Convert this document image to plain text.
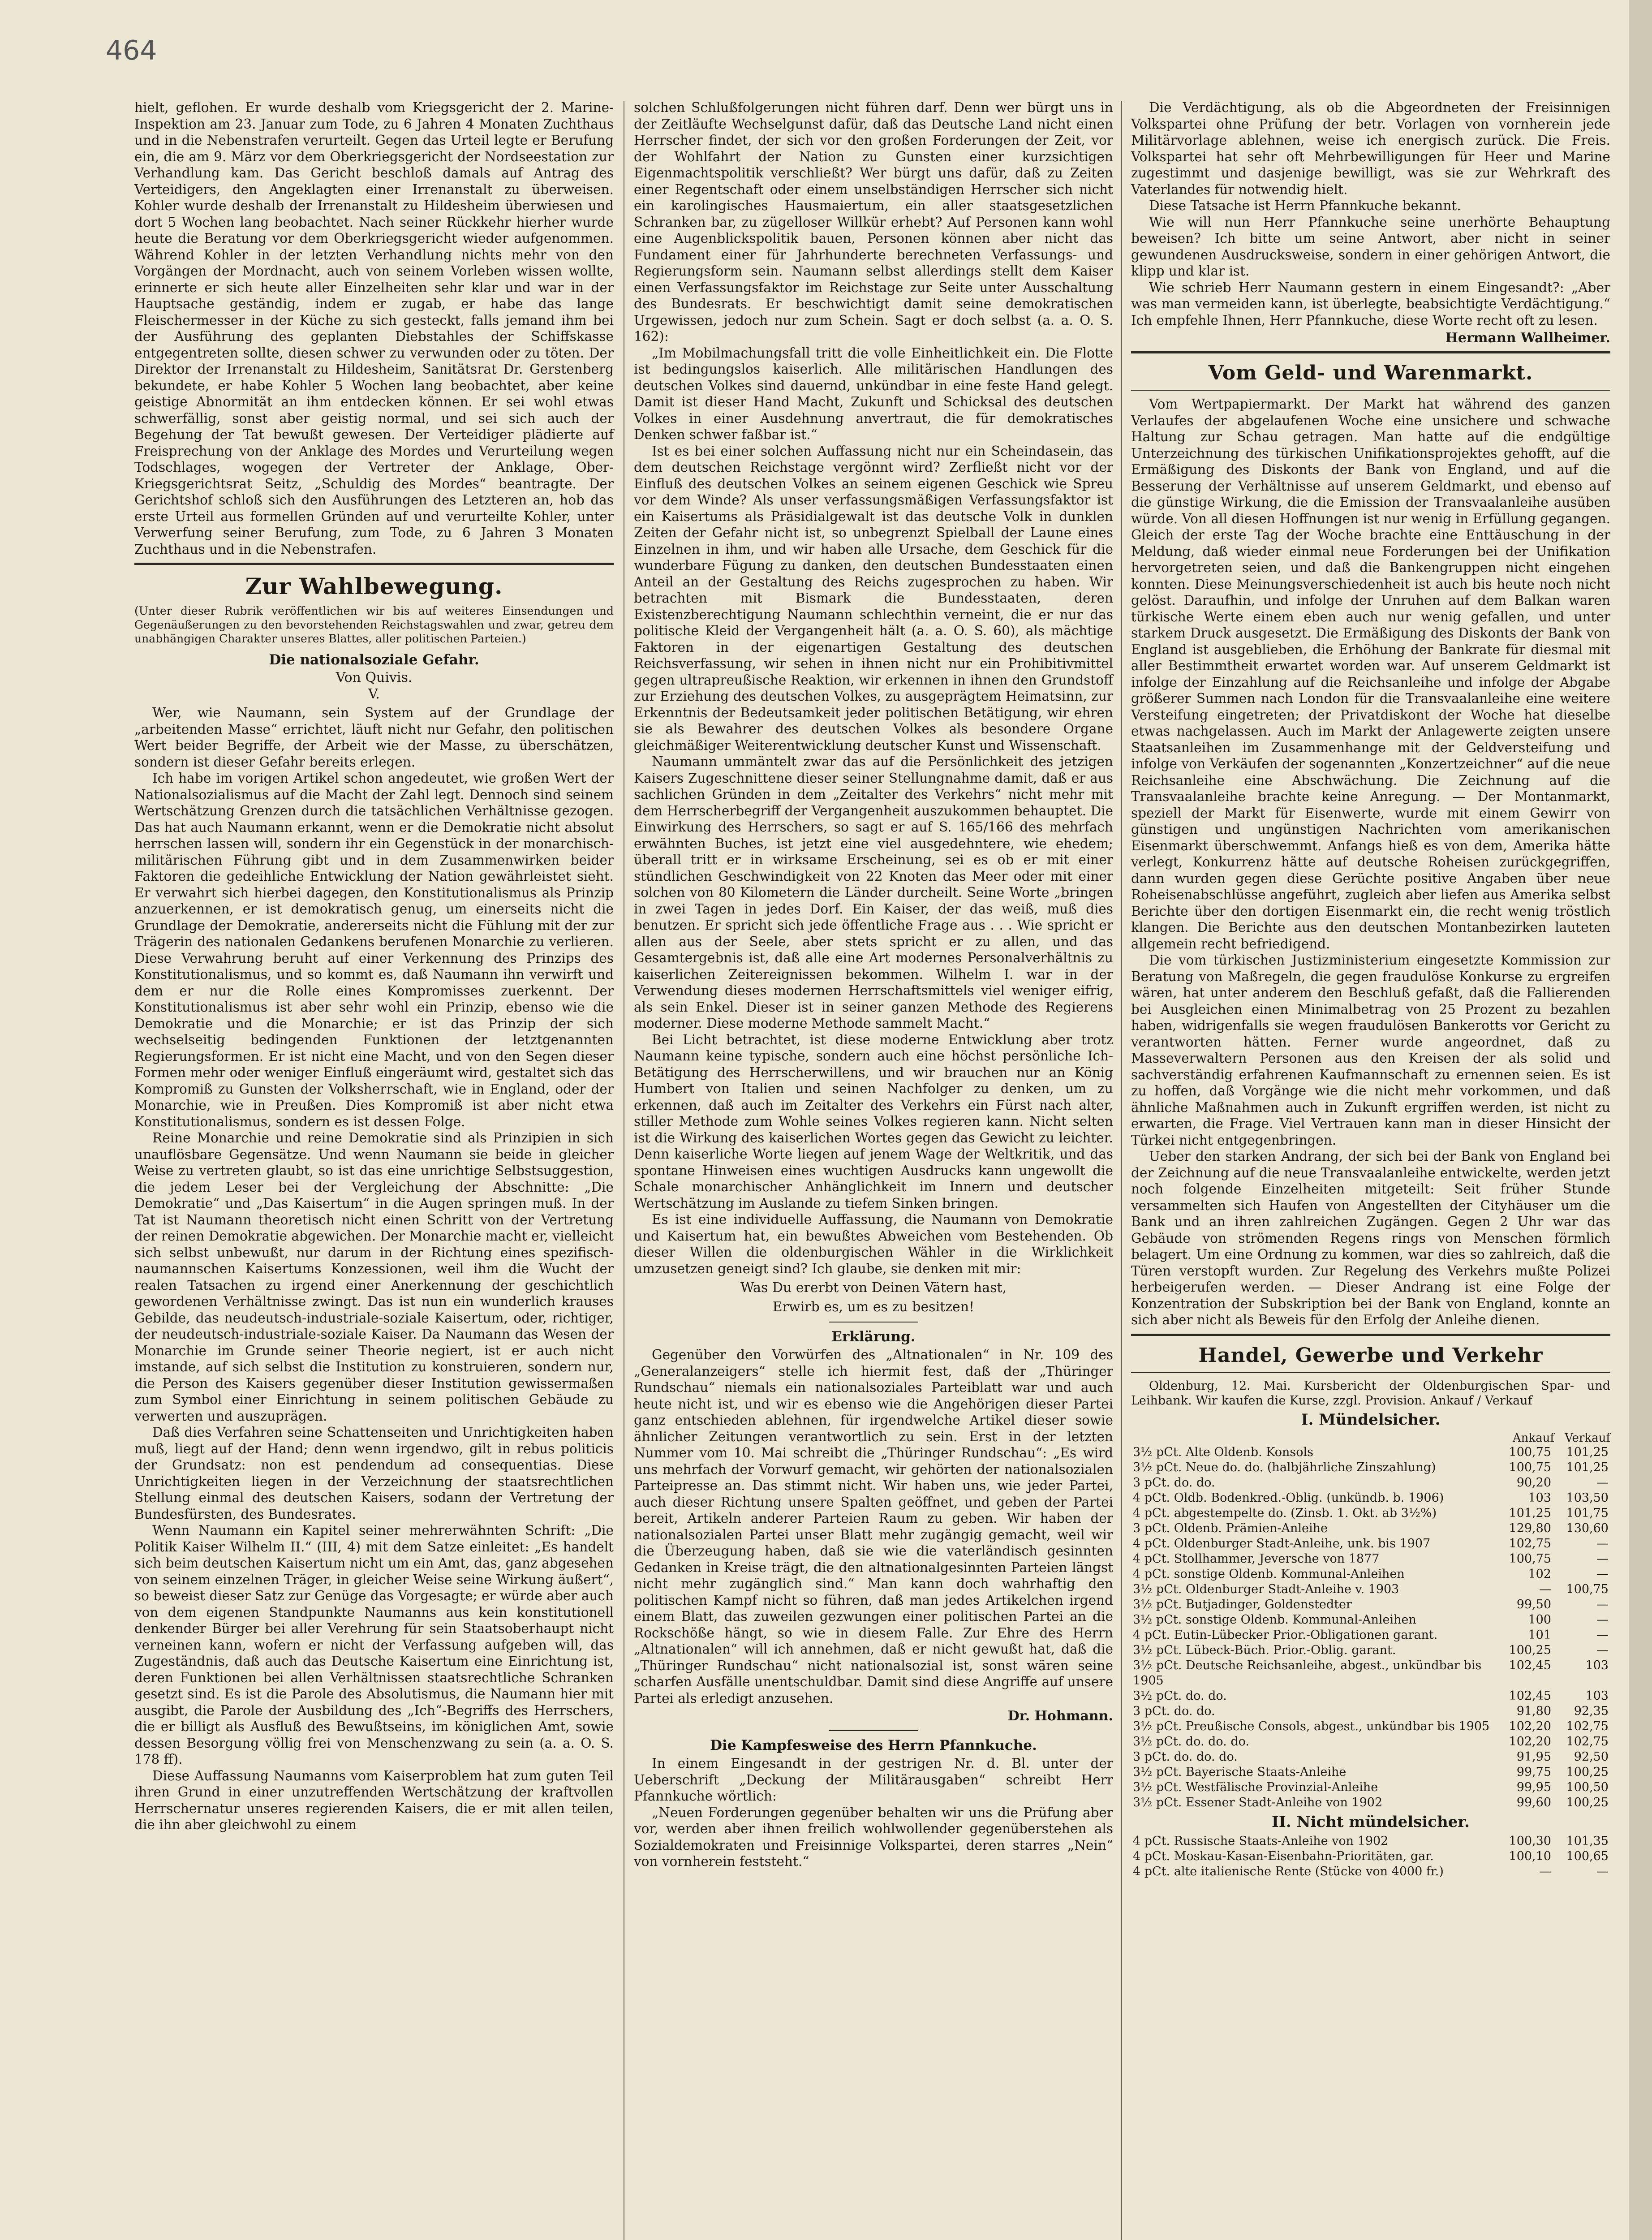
464

hielt, geflohen. Er wurde deshalb vom Kriegsgericht der 2. Marine-Inspektion am 23. Januar zum Tode, zu 6 Jahren 4 Monaten Zuchthaus und in die Nebenstrafen verurteilt. Gegen das Urteil legte er Berufung ein, die am 9. März vor dem Oberkriegsgericht der Nordseestation zur Verhandlung kam. Das Gericht beschloß damals auf Antrag des Verteidigers, den Angeklagten einer Irrenanstalt zu überweisen. Kohler wurde deshalb der Irrenanstalt zu Hildesheim überwiesen und dort 5 Wochen lang beobachtet. Nach seiner Rückkehr hierher wurde heute die Beratung vor dem Oberkriegsgericht wieder aufgenommen. Während Kohler in der letzten Verhandlung nichts mehr von den Vorgängen der Mordnacht, auch von seinem Vorleben wissen wollte, erinnerte er sich heute aller Einzelheiten sehr klar und war in der Hauptsache geständig, indem er zugab, er habe das lange Fleischermesser in der Küche zu sich gesteckt, falls jemand ihm bei der Ausführung des geplanten Diebstahles der Schiffskasse entgegentreten sollte, diesen schwer zu verwunden oder zu töten. Der Direktor der Irrenanstalt zu Hildesheim, Sanitätsrat Dr. Gerstenberg bekundete, er habe Kohler 5 Wochen lang beobachtet, aber keine geistige Abnormität an ihm entdecken können. Er sei wohl etwas schwerfällig, sonst aber geistig normal, und sei sich auch der Begehung der Tat bewußt gewesen. Der Verteidiger plädierte auf Freisprechung von der Anklage des Mordes und Verurteilung wegen Todschlages, wogegen der Vertreter der Anklage, Ober-Kriegsgerichtsrat Seitz, „Schuldig des Mordes“ beantragte. Der Gerichtshof schloß sich den Ausführungen des Letzteren an, hob das erste Urteil aus formellen Gründen auf und verurteilte Kohler, unter Verwerfung seiner Berufung, zum Tode, zu 6 Jahren 3 Monaten Zuchthaus und in die Nebenstrafen.

Zur Wahlbewegung.

(Unter dieser Rubrik veröffentlichen wir bis auf weiteres Einsendungen und Gegenäußerungen zu den bevorstehenden Reichstagswahlen und zwar, getreu dem unabhängigen Charakter unseres Blattes, aller politischen Parteien.)

Die nationalsoziale Gefahr.
Von Quivis.
V.

Wer, wie Naumann, sein System auf der Grundlage der „arbeitenden Masse“ errichtet, läuft nicht nur Gefahr, den politischen Wert beider Begriffe, der Arbeit wie der Masse, zu überschätzen, sondern ist dieser Gefahr bereits erlegen.

Ich habe im vorigen Artikel schon angedeutet, wie großen Wert der Nationalsozialismus auf die Macht der Zahl legt. Dennoch sind seinem Wertschätzung Grenzen durch die tatsächlichen Verhältnisse gezogen. Das hat auch Naumann erkannt, wenn er die Demokratie nicht absolut herrschen lassen will, sondern ihr ein Gegenstück in der monarchisch-militärischen Führung gibt und in dem Zusammenwirken beider Faktoren die gedeihliche Entwicklung der Nation gewährleistet sieht. Er verwahrt sich hierbei dagegen, den Konstitutionalismus als Prinzip anzuerkennen, er ist demokratisch genug, um einerseits nicht die Grundlage der Demokratie, andererseits nicht die Fühlung mit der zur Trägerin des nationalen Gedankens berufenen Monarchie zu verlieren. Diese Verwahrung beruht auf einer Verkennung des Prinzips des Konstitutionalismus, und so kommt es, daß Naumann ihn verwirft und dem er nur die Rolle eines Kompromisses zuerkennt. Der Konstitutionalismus ist aber sehr wohl ein Prinzip, ebenso wie die Demokratie und die Monarchie; er ist das Prinzip der sich wechselseitig bedingenden Funktionen der letztgenannten Regierungsformen. Er ist nicht eine Macht, und von den Segen dieser Formen mehr oder weniger Einfluß eingeräumt wird, gestaltet sich das Kompromiß zu Gunsten der Volksherrschaft, wie in England, oder der Monarchie, wie in Preußen. Dies Kompromiß ist aber nicht etwa Konstitutionalismus, sondern es ist dessen Folge.

Reine Monarchie und reine Demokratie sind als Prinzipien in sich unauflösbare Gegensätze. Und wenn Naumann sie beide in gleicher Weise zu vertreten glaubt, so ist das eine unrichtige Selbstsuggestion, die jedem Leser bei der Vergleichung der Abschnitte: „Die Demokratie“ und „Das Kaisertum“ in die Augen springen muß. In der Tat ist Naumann theoretisch nicht einen Schritt von der Vertretung der reinen Demokratie abgewichen. Der Monarchie macht er, vielleicht sich selbst unbewußt, nur darum in der Richtung eines spezifisch-naumannschen Kaisertums Konzessionen, weil ihm die Wucht der realen Tatsachen zu irgend einer Anerkennung der geschichtlich gewordenen Verhältnisse zwingt. Das ist nun ein wunderlich krauses Gebilde, das neudeutsch-industriale-soziale Kaisertum, oder, richtiger, der neudeutsch-industriale-soziale Kaiser. Da Naumann das Wesen der Monarchie im Grunde seiner Theorie negiert, ist er auch nicht imstande, auf sich selbst die Institution zu konstruieren, sondern nur, die Person des Kaisers gegenüber dieser Institution gewissermaßen zum Symbol einer Einrichtung in seinem politischen Gebäude zu verwerten und auszuprägen.

Daß dies Verfahren seine Schattenseiten und Unrichtigkeiten haben muß, liegt auf der Hand; denn wenn irgendwo, gilt in rebus politicis der Grundsatz: non est pendendum ad consequentias. Diese Unrichtigkeiten liegen in der Verzeichnung der staatsrechtlichen Stellung einmal des deutschen Kaisers, sodann der Vertretung der Bundesfürsten, des Bundesrates.

Wenn Naumann ein Kapitel seiner mehrerwähnten Schrift: „Die Politik Kaiser Wilhelm II.“ (III, 4) mit dem Satze einleitet: „Es handelt sich beim deutschen Kaisertum nicht um ein Amt, das, ganz abgesehen von seinem einzelnen Träger, in gleicher Weise seine Wirkung äußert“, so beweist dieser Satz zur Genüge das Vorgesagte; er würde aber auch von dem eigenen Standpunkte Naumanns aus kein konstitutionell denkender Bürger bei aller Verehrung für sein Staatsoberhaupt nicht verneinen kann, wofern er nicht der Verfassung aufgeben will, das Zugeständnis, daß auch das Deutsche Kaisertum eine Einrichtung ist, deren Funktionen bei allen Verhältnissen staatsrechtliche Schranken gesetzt sind. Es ist die Parole des Absolutismus, die Naumann hier mit ausgibt, die Parole der Ausbildung des „Ich“-Begriffs des Herrschers, die er billigt als Ausfluß des Bewußtseins, im königlichen Amt, sowie dessen Besorgung völlig frei von Menschenzwang zu sein (a. a. O. S. 178 ff).

Diese Auffassung Naumanns vom Kaiserproblem hat zum guten Teil ihren Grund in einer unzutreffenden Wertschätzung der kraftvollen Herrschernatur unseres regierenden Kaisers, die er mit allen teilen, die ihn aber gleichwohl zu einem

solchen Schlußfolgerungen nicht führen darf. Denn wer bürgt uns in der Zeitläufte Wechselgunst dafür, daß das Deutsche Land nicht einen Herrscher findet, der sich vor den großen Forderungen der Zeit, vor der Wohlfahrt der Nation zu Gunsten einer kurzsichtigen Eigenmachtspolitik verschließt? Wer bürgt uns dafür, daß zu Zeiten einer Regentschaft oder einem unselbständigen Herrscher sich nicht ein karolingisches Hausmaiertum, ein aller staatsgesetzlichen Schranken bar, zu zügelloser Willkür erhebt? Auf Personen kann wohl eine Augenblickspolitik bauen, Personen können aber nicht das Fundament einer für Jahrhunderte berechneten Verfassungs- und Regierungsform sein. Naumann selbst allerdings stellt dem Kaiser einen Verfassungsfaktor im Reichstage zur Seite unter Ausschaltung des Bundesrats. Er beschwichtigt damit seine demokratischen Urgewissen, jedoch nur zum Schein. Sagt er doch selbst (a. a. O. S. 162):

„Im Mobilmachungsfall tritt die volle Einheitlichkeit ein. Die Flotte ist bedingungslos kaiserlich. Alle militärischen Handlungen des deutschen Volkes sind dauernd, unkündbar in eine feste Hand gelegt. Damit ist dieser Hand Macht, Zukunft und Schicksal des deutschen Volkes in einer Ausdehnung anvertraut, die für demokratisches Denken schwer faßbar ist.“

Ist es bei einer solchen Auffassung nicht nur ein Scheindasein, das dem deutschen Reichstage vergönnt wird? Zerfließt nicht vor der Einfluß des deutschen Volkes an seinem eigenen Geschick wie Spreu vor dem Winde? Als unser verfassungsmäßigen Verfassungsfaktor ist ein Kaisertums als Präsidialgewalt ist das deutsche Volk in dunklen Zeiten der Gefahr nicht ist, so unbegrenzt Spielball der Laune eines Einzelnen in ihm, und wir haben alle Ursache, dem Geschick für die wunderbare Fügung zu danken, den deutschen Bundesstaaten einen Anteil an der Gestaltung des Reichs zugesprochen zu haben. Wir betrachten mit Bismark die Bundesstaaten, deren Existenzberechtigung Naumann schlechthin verneint, die er nur das politische Kleid der Vergangenheit hält (a. a. O. S. 60), als mächtige Faktoren in der eigenartigen Gestaltung des deutschen Reichsverfassung, wir sehen in ihnen nicht nur ein Prohibitivmittel gegen ultrapreußische Reaktion, wir erkennen in ihnen den Grundstoff zur Erziehung des deutschen Volkes, zu ausgeprägtem Heimatsinn, zur Erkenntnis der Bedeutsamkeit jeder politischen Betätigung, wir ehren sie als Bewahrer des deutschen Volkes als besondere Organe gleichmäßiger Weiterentwicklung deutscher Kunst und Wissenschaft.

Naumann ummäntelt zwar das auf die Persönlichkeit des jetzigen Kaisers Zugeschnittene dieser seiner Stellungnahme damit, daß er aus sachlichen Gründen in dem „Zeitalter des Verkehrs“ nicht mehr mit dem Herrscherbegriff der Vergangenheit auszukommen behauptet. Die Einwirkung des Herrschers, so sagt er auf S. 165/166 des mehrfach erwähnten Buches, ist jetzt eine viel ausgedehntere, wie ehedem; überall tritt er in wirksame Erscheinung, sei es ob er mit einer stündlichen Geschwindigkeit von 22 Knoten das Meer oder mit einer solchen von 80 Kilometern die Länder durcheilt. Seine Worte „bringen in zwei Tagen in jedes Dorf. Ein Kaiser, der das weiß, muß dies benutzen. Er spricht sich jede öffentliche Frage aus . . . Wie spricht er allen aus der Seele, aber stets spricht er zu allen, und das Gesamtergebnis ist, daß alle eine Art modernes Personalverhältnis zu kaiserlichen Zeitereignissen bekommen. Wilhelm I. war in der Verwendung dieses modernen Herrschaftsmittels viel weniger eifrig, als sein Enkel. Dieser ist in seiner ganzen Methode des Regierens moderner. Diese moderne Methode sammelt Macht.“

Bei Licht betrachtet, ist diese moderne Entwicklung aber trotz Naumann keine typische, sondern auch eine höchst persönliche Ich-Betätigung des Herrscherwillens, und wir brauchen nur an König Humbert von Italien und seinen Nachfolger zu denken, um zu erkennen, daß auch im Zeitalter des Verkehrs ein Fürst nach alter, stiller Methode zum Wohle seines Volkes regieren kann. Nicht selten ist die Wirkung des kaiserlichen Wortes gegen das Gewicht zu leichter. Denn kaiserliche Worte liegen auf jenem Wage der Weltkritik, und das spontane Hinweisen eines wuchtigen Ausdrucks kann ungewollt die Schale monarchischer Anhänglichkeit im Innern und deutscher Wertschätzung im Auslande zu tiefem Sinken bringen.

Es ist eine individuelle Auffassung, die Naumann von Demokratie und Kaisertum hat, ein bewußtes Abweichen vom Bestehenden. Ob dieser Willen die oldenburgischen Wähler in die Wirklichkeit umzusetzen geneigt sind? Ich glaube, sie denken mit mir:

Was Du ererbt von Deinen Vätern hast,
Erwirb es, um es zu besitzen!
Erklärung.

Gegenüber den Vorwürfen des „Altnationalen“ in Nr. 109 des „Generalanzeigers“ stelle ich hiermit fest, daß der „Thüringer Rundschau“ niemals ein nationalsoziales Parteiblatt war und auch heute nicht ist, und wir es ebenso wie die Angehörigen dieser Partei ganz entschieden ablehnen, für irgendwelche Artikel dieser sowie ähnlicher Zeitungen verantwortlich zu sein. Erst in der letzten Nummer vom 10. Mai schreibt die „Thüringer Rundschau“: „Es wird uns mehrfach der Vorwurf gemacht, wir gehörten der nationalsozialen Parteipresse an. Das stimmt nicht. Wir haben uns, wie jeder Partei, auch dieser Richtung unsere Spalten geöffnet, und geben der Partei bereit, Artikeln anderer Parteien Raum zu geben. Wir haben der nationalsozialen Partei unser Blatt mehr zugängig gemacht, weil wir die Überzeugung haben, daß sie wie die vaterländisch gesinnten Gedanken in Kreise trägt, die den altnationalgesinnten Parteien längst nicht mehr zugänglich sind.“ Man kann doch wahrhaftig den politischen Kampf nicht so führen, daß man jedes Artikelchen irgend einem Blatt, das zuweilen gezwungen einer politischen Partei an die Rockschöße hängt, so wie in diesem Falle. Zur Ehre des Herrn „Altnationalen“ will ich annehmen, daß er nicht gewußt hat, daß die „Thüringer Rundschau“ nicht nationalsozial ist, sonst wären seine scharfen Ausfälle unentschuldbar. Damit sind diese Angriffe auf unsere Partei als erledigt anzusehen.

Dr. Hohmann.
Die Kampfesweise des Herrn Pfannkuche.

In einem Eingesandt in der gestrigen Nr. d. Bl. unter der Ueberschrift „Deckung der Militärausgaben“ schreibt Herr Pfannkuche wörtlich:

„Neuen Forderungen gegenüber behalten wir uns die Prüfung aber vor, werden aber ihnen freilich wohlwollender gegenüberstehen als Sozialdemokraten und Freisinnige Volkspartei, deren starres „Nein“ von vornherein feststeht.“

Die Verdächtigung, als ob die Abgeordneten der Freisinnigen Volkspartei ohne Prüfung der betr. Vorlagen von vornherein jede Militärvorlage ablehnen, weise ich energisch zurück. Die Freis. Volkspartei hat sehr oft Mehrbewilligungen für Heer und Marine zugestimmt und dasjenige bewilligt, was sie zur Wehrkraft des Vaterlandes für notwendig hielt.

Diese Tatsache ist Herrn Pfannkuche bekannt.

Wie will nun Herr Pfannkuche seine unerhörte Behauptung beweisen? Ich bitte um seine Antwort, aber nicht in seiner gewundenen Ausdrucksweise, sondern in einer gehörigen Antwort, die klipp und klar ist.

Wie schrieb Herr Naumann gestern in einem Eingesandt?: „Aber was man vermeiden kann, ist überlegte, beabsichtigte Verdächtigung.“ Ich empfehle Ihnen, Herr Pfannkuche, diese Worte recht oft zu lesen.

Hermann Wallheimer.
Vom Geld- und Warenmarkt.

Vom Wertpapiermarkt. Der Markt hat während des ganzen Verlaufes der abgelaufenen Woche eine unsichere und schwache Haltung zur Schau getragen. Man hatte auf die endgültige Unterzeichnung des türkischen Unifikationsprojektes gehofft, auf die Ermäßigung des Diskonts der Bank von England, und auf die Besserung der Verhältnisse auf unserem Geldmarkt, und ebenso auf die günstige Wirkung, die die Emission der Transvaalanleihe ausüben würde. Von all diesen Hoffnungen ist nur wenig in Erfüllung gegangen. Gleich der erste Tag der Woche brachte eine Enttäuschung in der Meldung, daß wieder einmal neue Forderungen bei der Unifikation hervorgetreten seien, und daß die Bankengruppen nicht eingehen konnten. Diese Meinungsverschiedenheit ist auch bis heute noch nicht gelöst. Daraufhin, und infolge der Unruhen auf dem Balkan waren türkische Werte einem eben auch nur wenig gefallen, und unter starkem Druck ausgesetzt. Die Ermäßigung des Diskonts der Bank von England ist ausgeblieben, die Erhöhung der Bankrate für diesmal mit aller Bestimmtheit erwartet worden war. Auf unserem Geldmarkt ist infolge der Einzahlung auf die Reichsanleihe und infolge der Abgabe größerer Summen nach London für die Transvaalanleihe eine weitere Versteifung eingetreten; der Privatdiskont der Woche hat dieselbe etwas nachgelassen. Auch im Markt der Anlagewerte zeigten unsere Staatsanleihen im Zusammenhange mit der Geldversteifung und infolge von Verkäufen der sogenannten „Konzertzeichner“ auf die neue Reichsanleihe eine Abschwächung. Die Zeichnung auf die Transvaalanleihe brachte keine Anregung. — Der Montanmarkt, speziell der Markt für Eisenwerte, wurde mit einem Gewirr von günstigen und ungünstigen Nachrichten vom amerikanischen Eisenmarkt überschwemmt. Anfangs hieß es von dem, Amerika hätte verlegt, Konkurrenz hätte auf deutsche Roheisen zurückgegriffen, dann wurden gegen diese Gerüchte positive Angaben über neue Roheisenabschlüsse angeführt, zugleich aber liefen aus Amerika selbst Berichte über den dortigen Eisenmarkt ein, die recht wenig tröstlich klangen. Die Berichte aus den deutschen Montanbezirken lauteten allgemein recht befriedigend.

Die vom türkischen Justizministerium eingesetzte Kommission zur Beratung von Maßregeln, die gegen fraudulöse Konkurse zu ergreifen wären, hat unter anderem den Beschluß gefaßt, daß die Fallierenden bei Ausgleichen einen Minimalbetrag von 25 Prozent zu bezahlen haben, widrigenfalls sie wegen fraudulösen Bankerotts vor Gericht zu verantworten hätten. Ferner wurde angeordnet, daß zu Masseverwaltern Personen aus den Kreisen der als solid und sachverständig erfahrenen Kaufmannschaft zu ernennen seien. Es ist zu hoffen, daß Vorgänge wie die nicht mehr vorkommen, und daß ähnliche Maßnahmen auch in Zukunft ergriffen werden, ist nicht zu erwarten, die Frage. Viel Vertrauen kann man in dieser Hinsicht der Türkei nicht entgegenbringen.

Ueber den starken Andrang, der sich bei der Bank von England bei der Zeichnung auf die neue Transvaalanleihe entwickelte, werden jetzt noch folgende Einzelheiten mitgeteilt: Seit früher Stunde versammelten sich Haufen von Angestellten der Cityhäuser um die Bank und an ihren zahlreichen Zugängen. Gegen 2 Uhr war das Gebäude von strömenden Regens rings von Menschen förmlich belagert. Um eine Ordnung zu kommen, war dies so zahlreich, daß die Türen verstopft wurden. Zur Regelung des Verkehrs mußte Polizei herbeigerufen werden. — Dieser Andrang ist eine Folge der Konzentration der Subskription bei der Bank von England, konnte an sich aber nicht als Beweis für den Erfolg der Anleihe dienen.

Handel, Gewerbe und Verkehr

Oldenburg, 12. Mai. Kursbericht der Oldenburgischen Spar- und Leihbank. Wir kaufen die Kurse, zzgl. Provision. Ankauf / Verkauf

I. Mündelsicher.
Ankauf Verkauf
3½ pCt. Alte Oldenb. Konsols	100,75	101,25
3½ pCt. Neue do. do. (halbjährliche Zinszahlung)	100,75	101,25
3 pCt. do. do.	90,20	—
4 pCt. Oldb. Bodenkred.-Oblig. (unkündb. b. 1906)	103	103,50
4 pCt. abgestempelte do. (Zinsb. 1. Okt. ab 3½%)	101,25	101,75
3 pCt. Oldenb. Prämien-Anleihe	129,80	130,60
4 pCt. Oldenburger Stadt-Anleihe, unk. bis 1907	102,75	—
4 pCt. Stollhammer, Jeversche von 1877	100,75	—
4 pCt. sonstige Oldenb. Kommunal-Anleihen	102	—
3½ pCt. Oldenburger Stadt-Anleihe v. 1903	—	100,75
3½ pCt. Butjadinger, Goldenstedter	99,50	—
3½ pCt. sonstige Oldenb. Kommunal-Anleihen	100	—
4 pCt. Eutin-Lübecker Prior.-Obligationen garant.	101	—
3½ pCt. Lübeck-Büch. Prior.-Oblig. garant.	100,25	—
3½ pCt. Deutsche Reichsanleihe, abgest., unkündbar bis 1905	102,45	103
3½ pCt. do. do.	102,45	103
3 pCt. do. do.	91,80	92,35
3½ pCt. Preußische Consols, abgest., unkündbar bis 1905	102,20	102,75
3½ pCt. do. do. do.	102,20	102,75
3 pCt. do. do. do.	91,95	92,50
3½ pCt. Bayerische Staats-Anleihe	99,75	100,25
3½ pCt. Westfälische Provinzial-Anleihe	99,95	100,50
3½ pCt. Essener Stadt-Anleihe von 1902	99,60	100,25
II. Nicht mündelsicher.
4 pCt. Russische Staats-Anleihe von 1902	100,30	101,35
4 pCt. Moskau-Kasan-Eisenbahn-Prioritäten, gar.	100,10	100,65
4 pCt. alte italienische Rente (Stücke von 4000 fr.)	—	—
